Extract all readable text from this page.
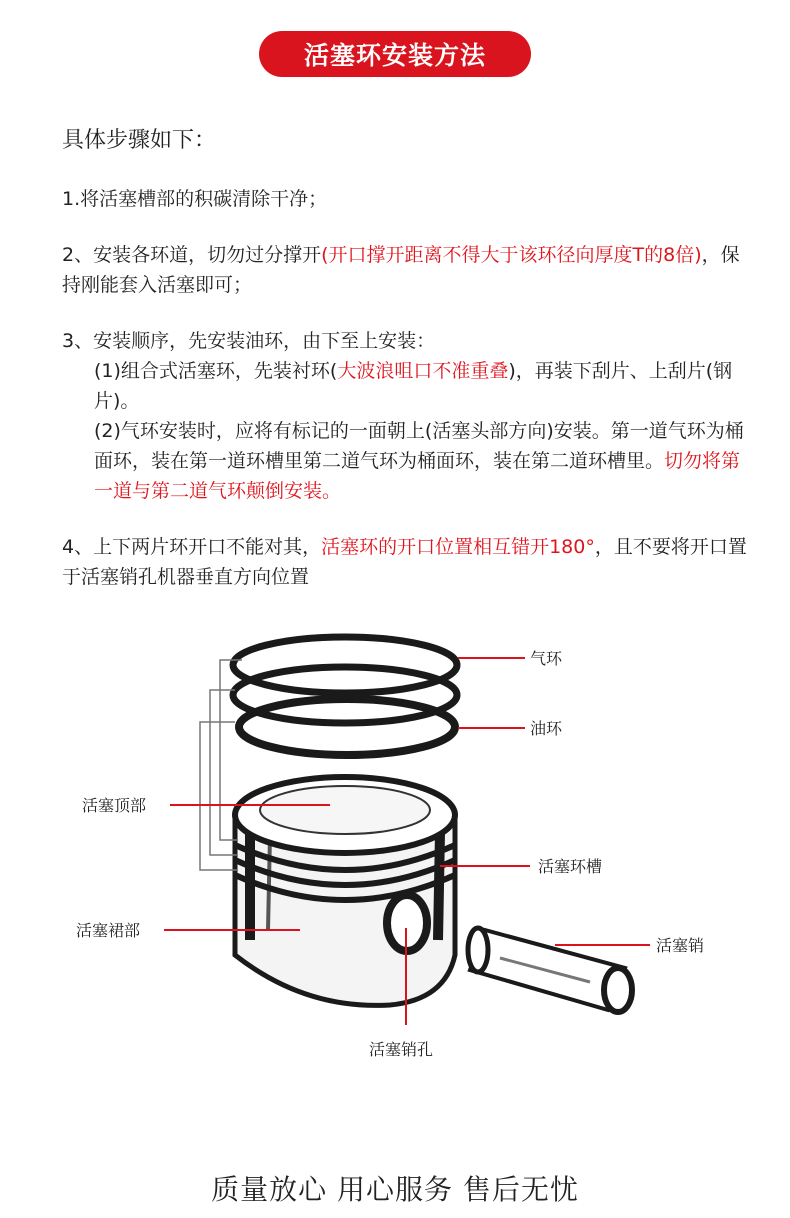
活塞环安装方法

具体步骤如下：

1.将活塞槽部的积碳清除干净；

2、安装各环道，切勿过分撑开(开口撑开距离不得大于该环径向厚度T的8倍)，保持刚能套入活塞即可；

3、安装顺序，先安装油环，由下至上安装：

(1)组合式活塞环，先装衬环(大波浪咀口不准重叠)，再装下刮片、上刮片(钢片)。

(2)气环安装时，应将有标记的一面朝上(活塞头部方向)安装。第一道气环为桶面环，装在第一道环槽里第二道气环为桶面环，装在第二道环槽里。切勿将第一道与第二道气环颠倒安装。

4、上下两片环开口不能对其，活塞环的开口位置相互错开180°，且不要将开口置于活塞销孔机器垂直方向位置

气环
油环
活塞顶部
活塞环槽
活塞裙部
活塞销
活塞销孔
质量放心 用心服务 售后无忧
